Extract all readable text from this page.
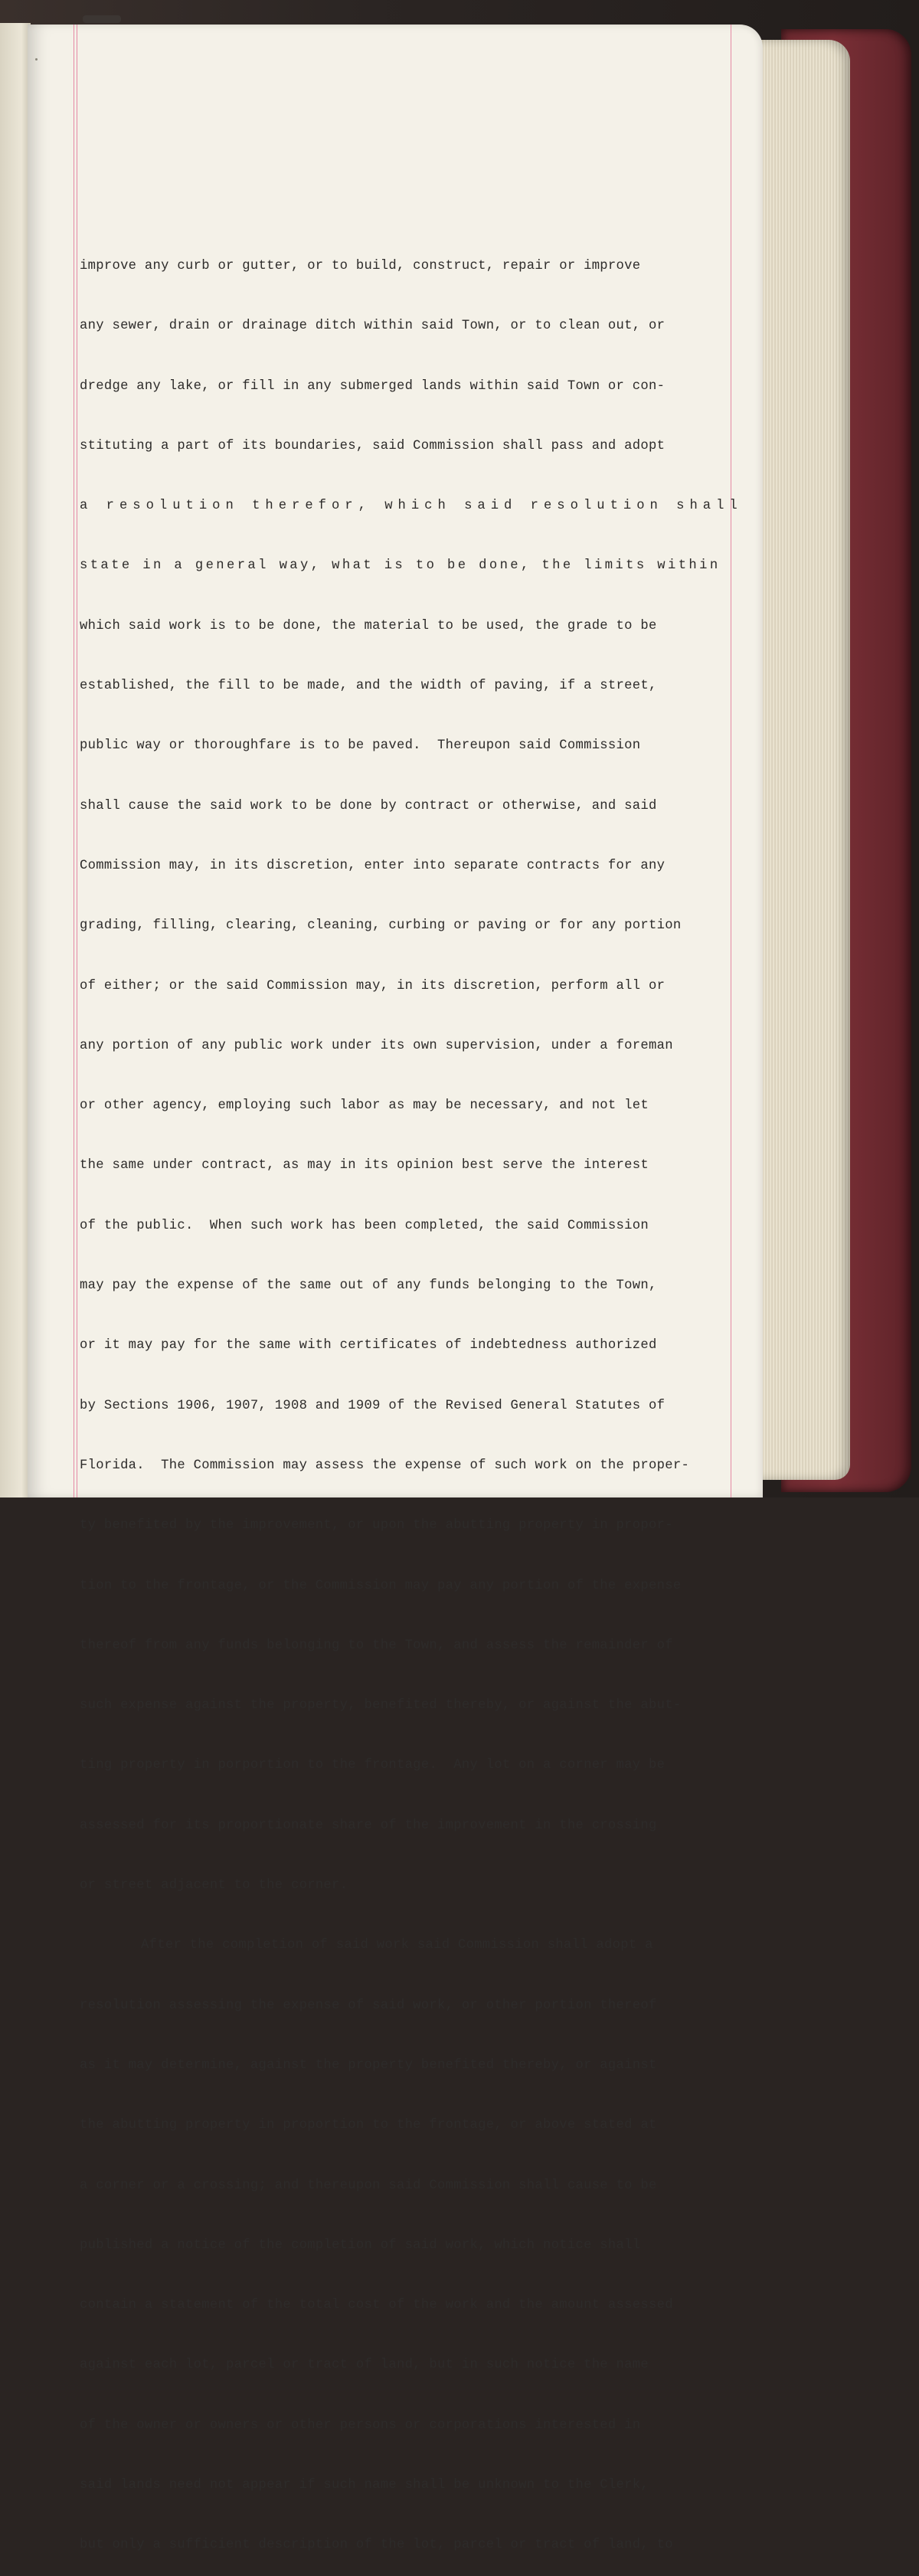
improve any curb or gutter, or to build, construct, repair or improve

any sewer, drain or drainage ditch within said Town, or to clean out, or

dredge any lake, or fill in any submerged lands within said Town or con-

stituting a part of its boundaries, said Commission shall pass and adopt

a resolution therefor, which said resolution shall

state in a general way, what is to be done, the limits within

which said work is to be done, the material to be used, the grade to be

established, the fill to be made, and the width of paving, if a street,

public way or thoroughfare is to be paved.  Thereupon said Commission

shall cause the said work to be done by contract or otherwise, and said

Commission may, in its discretion, enter into separate contracts for any

grading, filling, clearing, cleaning, curbing or paving or for any portion

of either; or the said Commission may, in its discretion, perform all or

any portion of any public work under its own supervision, under a foreman

or other agency, employing such labor as may be necessary, and not let

the same under contract, as may in its opinion best serve the interest

of the public.  When such work has been completed, the said Commission

may pay the expense of the same out of any funds belonging to the Town,

or it may pay for the same with certificates of indebtedness authorized

by Sections 1906, 1907, 1908 and 1909 of the Revised General Statutes of

Florida.  The Commission may assess the expense of such work on the proper-

ty benefited by the improvement, or upon the abutting property in propor-

tion to the frontage, or the Commission may pay any portion of the expense

thereof from any funds belonging to the Town, and assess the remainder of

such expense against the property, benefited thereby, or against the abut-

ting property in porportion to the frontage.  Any lot on a corner may be

assessed for its proportionate share of the improvement in the crossing

or street adjacent to the corner.

After the completion of said work said Commission shall adopt a

resolution assessing the expense of said work, or other portion thereof

as it may determine, against the property benefited thereby, or against

the abutting property in proportion to the frontage, or above stated at

a corner or a crossing; and thereupon said Commission shall cause to be

published a notice of the completion of said work, which notice shall

contain a statement of the total cost of the work and the amount assessed

against each lot, parcel or tract of land, but in such notice the name

of the owner or owners or other persons or corporations interested in

said lands need not appear if such name shall be unknown to the Clerk,

but only a sufficient description of the lot, parcel or tract of land, to
